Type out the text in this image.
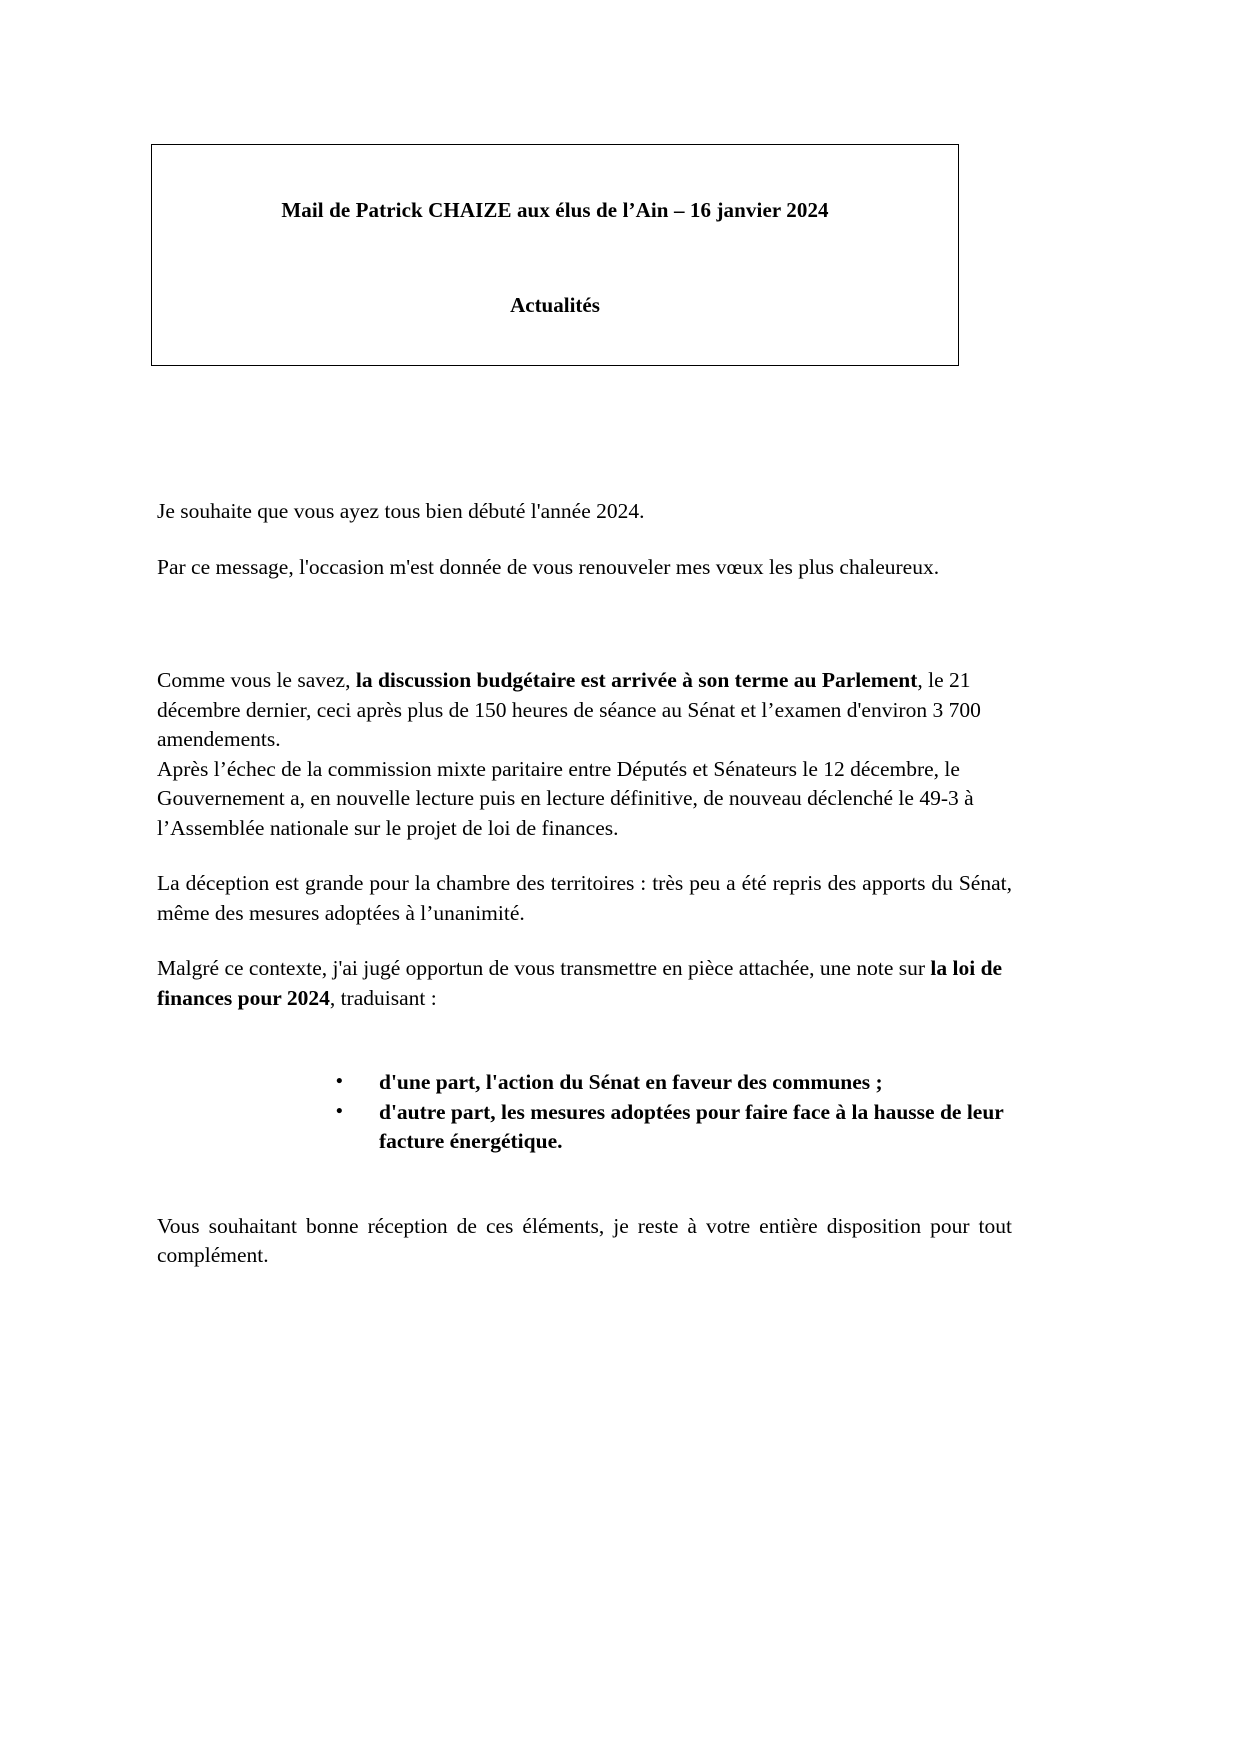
Mail de Patrick CHAIZE aux élus de l’Ain – 16 janvier 2024
Actualités

Je souhaite que vous ayez tous bien débuté l'année 2024.

Par ce message, l'occasion m'est donnée de vous renouveler mes vœux les plus chaleureux.

Comme vous le savez, la discussion budgétaire est arrivée à son terme au Parlement, le 21 décembre dernier, ceci après plus de 150 heures de séance au Sénat et l’examen d'environ 3 700 amendements.

Après l’échec de la commission mixte paritaire entre Députés et Sénateurs le 12 décembre, le Gouvernement a, en nouvelle lecture puis en lecture définitive, de nouveau déclenché le 49-3 à l’Assemblée nationale sur le projet de loi de finances.

La déception est grande pour la chambre des territoires : très peu a été repris des apports du Sénat, même des mesures adoptées à l’unanimité.

Malgré ce contexte, j'ai jugé opportun de vous transmettre en pièce attachée, une note sur la loi de finances pour 2024, traduisant :

• d'une part, l'action du Sénat en faveur des communes ;
• d'autre part, les mesures adoptées pour faire face à la hausse de leur facture énergétique.

Vous souhaitant bonne réception de ces éléments, je reste à votre entière disposition pour tout complément.
